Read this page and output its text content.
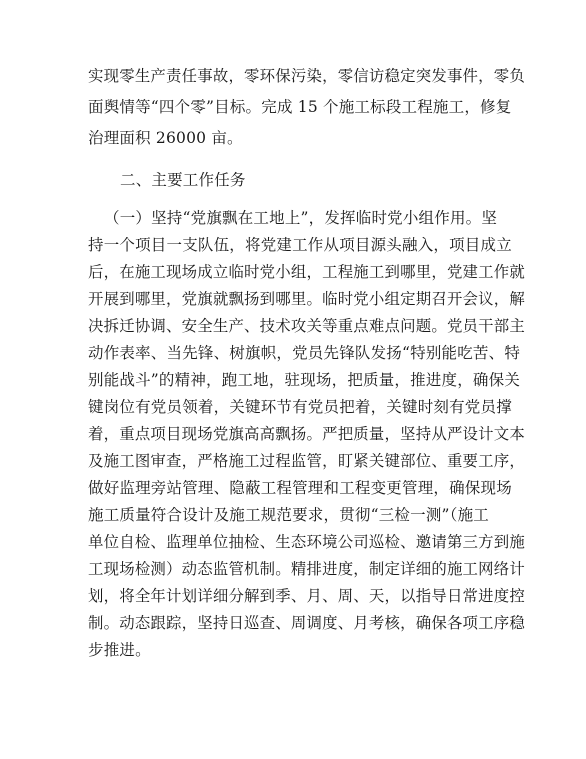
实现零生产责任事故，零环保污染，零信访稳定突发事件，零负
面舆情等“四个零”目标。完成 15 个施工标段工程施工，修复
治理面积 26000 亩。
二、主要工作任务
（一）坚持“党旗飘在工地上”，发挥临时党小组作用。坚
持一个项目一支队伍，将党建工作从项目源头融入，项目成立
后，在施工现场成立临时党小组，工程施工到哪里，党建工作就
开展到哪里，党旗就飘扬到哪里。临时党小组定期召开会议，解
决拆迁协调、安全生产、技术攻关等重点难点问题。党员干部主
动作表率、当先锋、树旗帜，党员先锋队发扬“特别能吃苦、特
别能战斗”的精神，跑工地，驻现场，把质量，推进度，确保关
键岗位有党员领着，关键环节有党员把着，关键时刻有党员撑
着，重点项目现场党旗高高飘扬。严把质量，坚持从严设计文本
及施工图审查，严格施工过程监管，盯紧关键部位、重要工序，
做好监理旁站管理、隐蔽工程管理和工程变更管理，确保现场
施工质量符合设计及施工规范要求，贯彻“三检一测”（施工
单位自检、监理单位抽检、生态环境公司巡检、邀请第三方到施
工现场检测）动态监管机制。精排进度，制定详细的施工网络计
划，将全年计划详细分解到季、月、周、天，以指导日常进度控
制。动态跟踪，坚持日巡查、周调度、月考核，确保各项工序稳
步推进。
